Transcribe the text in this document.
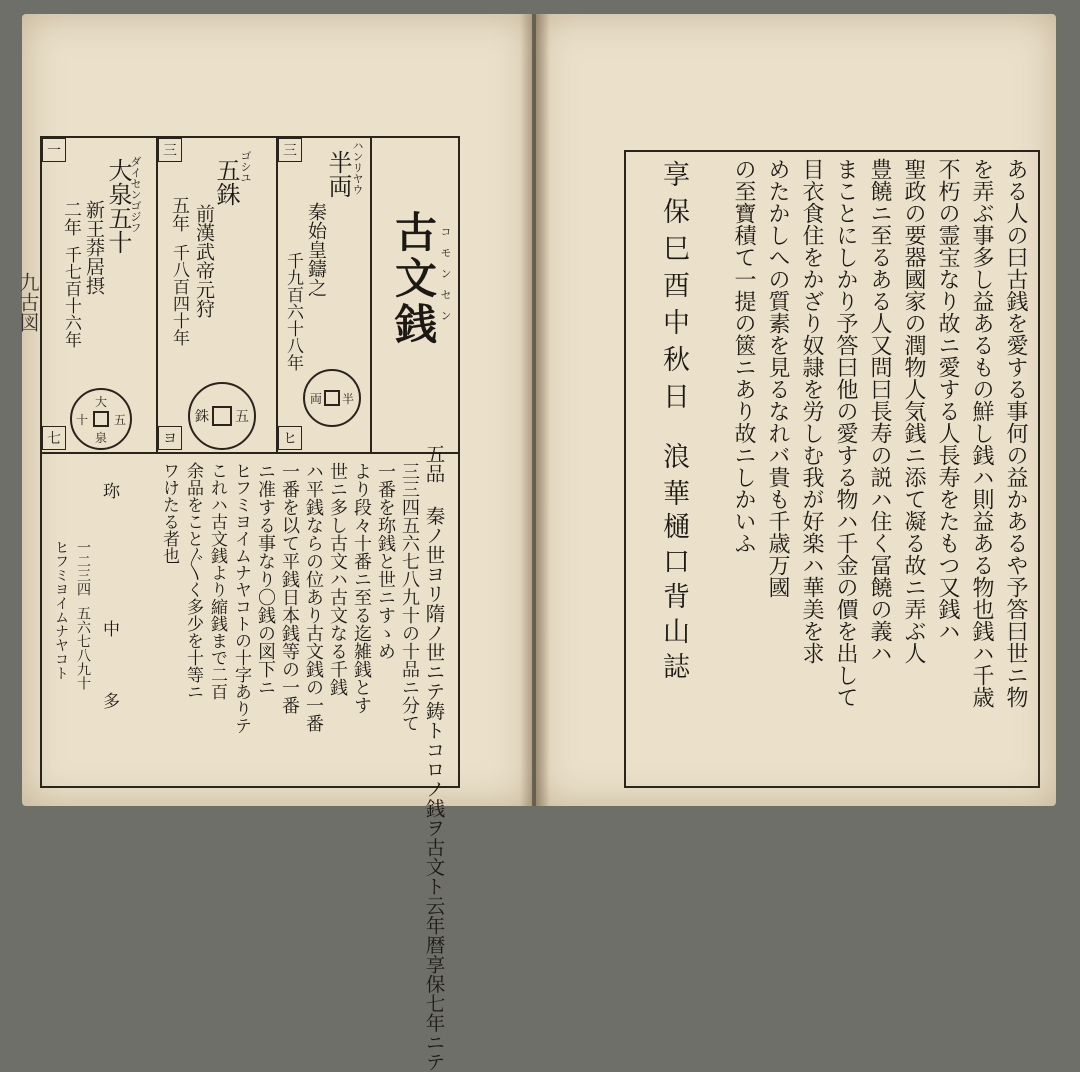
九古図
一
ダイセンゴジフ
大泉五十
新王莽居摂
二年
千七百十六年
大
泉
五
十
七
三	ゴシユ
五銖
前漢武帝元狩
五年
千八百四十年
五
銖
ヨ
三	ハンリヤウ
半両
秦始皇鑄之
千九百六十八年
半
両
ヒ
古文銭 コモンセン
五品 秦ノ世ヨリ隋ノ世ニテ鋳トコロノ銭ヲ古文ト云年暦享保七年ニテ
三三四五六七八九十の十品ニ分て
一番を珎銭と世ニすゝめ
より段々十番ニ至る迄雑銭とす
世ニ多し古文ハ古文なる千銭
ハ平銭ならの位あり古文銭の一番
一番を以て平銭日本銭等の一番
ニ准する事なり〇銭の図下ニ
ヒフミヨイムナヤコトの十字ありテ
これハ古文銭より縮銭まで二百
余品をこと〴〵く多少を十等ニ
ワけたる者也
珎
中
多
一二三四
五六七八九十
ヒフミヨイムナヤコト	ある人の曰古銭を愛する事何の益かあるや予答曰世ニ物
を弄ぶ事多し益あるもの鮮し銭ハ則益ある物也銭ハ千歳
不朽の霊宝なり故ニ愛する人長寿をたもつ又銭ハ
聖政の要器國家の潤物人気銭ニ添て凝る故ニ弄ぶ人
豊饒ニ至るある人又問曰長寿の説ハ住く冨饒の義ハ
まことにしかり予答曰他の愛する物ハ千金の價を出して
目衣食住をかざり奴隷を労しむ我が好楽ハ華美を求
めたかしへの質素を見るなれバ貴も千歳万國
の至寶積て一提の篋ニあり故ニしかいふ
享保巳酉中秋日
浪華
樋口背山誌
